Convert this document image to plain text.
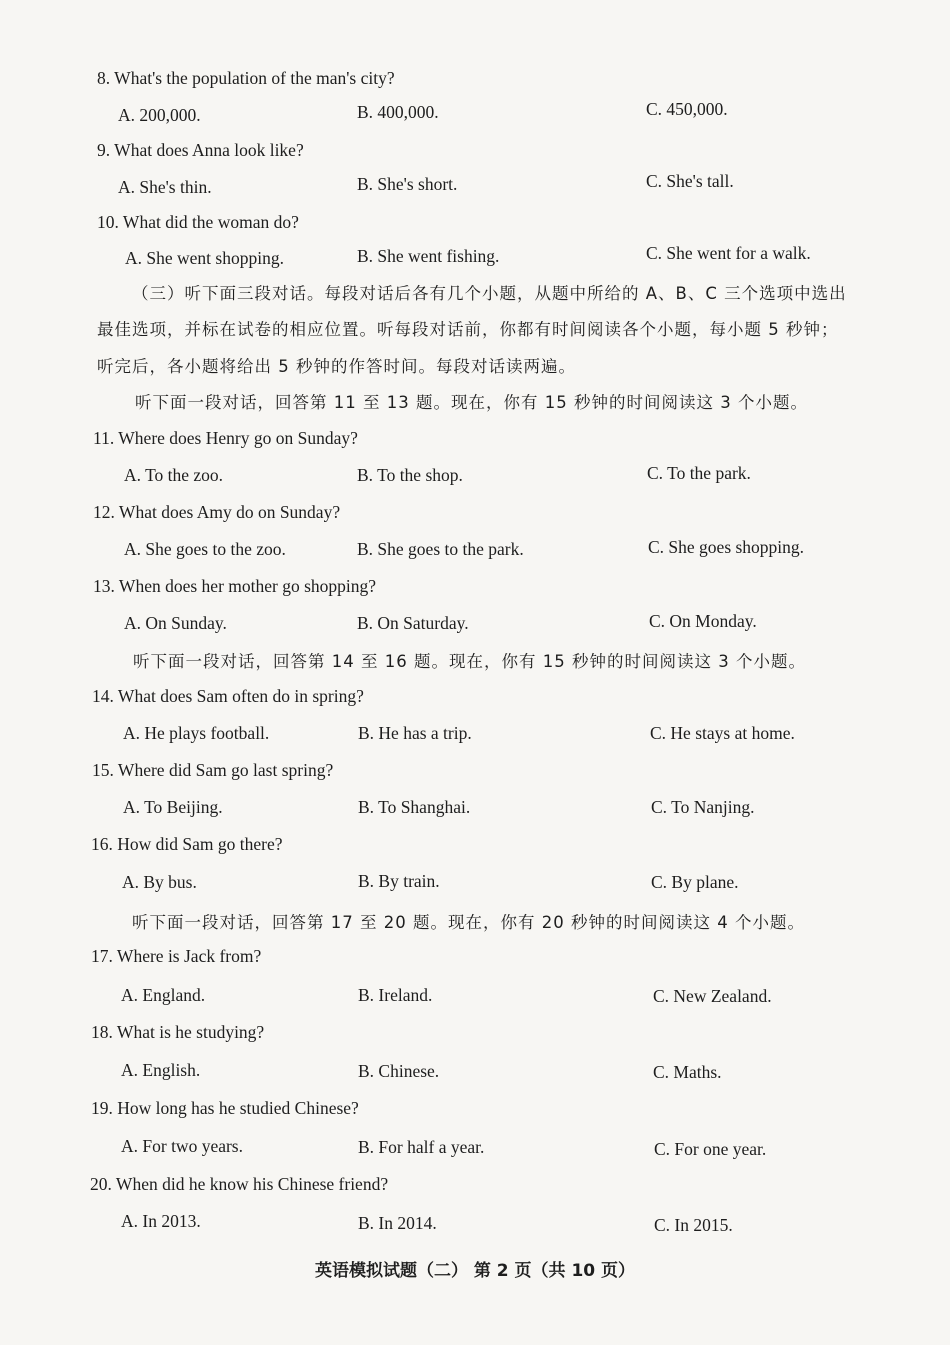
8. What's the population of the man's city?
A. 200,000.	B. 400,000.	C. 450,000.
9. What does Anna look like?
A. She's thin.	B. She's short.	C. She's tall.
10. What did the woman do?
A. She went shopping.	B. She went fishing.	C. She went for a walk.
（三）听下面三段对话。每段对话后各有几个小题，从题中所给的 A、B、C 三个选项中选出
最佳选项，并标在试卷的相应位置。听每段对话前，你都有时间阅读各个小题，每小题 5 秒钟；
听完后，各小题将给出 5 秒钟的作答时间。每段对话读两遍。
听下面一段对话，回答第 11 至 13 题。现在，你有 15 秒钟的时间阅读这 3 个小题。
11. Where does Henry go on Sunday?
A. To the zoo.	B. To the shop.	C. To the park.
12. What does Amy do on Sunday?
A. She goes to the zoo.	B. She goes to the park.	C. She goes shopping.
13. When does her mother go shopping?
A. On Sunday.	B. On Saturday.	C. On Monday.
听下面一段对话，回答第 14 至 16 题。现在，你有 15 秒钟的时间阅读这 3 个小题。
14. What does Sam often do in spring?
A. He plays football.	B. He has a trip.	C. He stays at home.
15. Where did Sam go last spring?
A. To Beijing.	B. To Shanghai.	C. To Nanjing.
16. How did Sam go there?
A. By bus.	B. By train.	C. By plane.
听下面一段对话，回答第 17 至 20 题。现在，你有 20 秒钟的时间阅读这 4 个小题。
17. Where is Jack from?
A. England.	B. Ireland.	C. New Zealand.
18. What is he studying?
A. English.	B. Chinese.	C. Maths.
19. How long has he studied Chinese?
A. For two years.	B. For half a year.	C. For one year.
20. When did he know his Chinese friend?
A. In 2013.	B. In 2014.	C. In 2015.
英语模拟试题（二） 第 2 页（共 10 页）
